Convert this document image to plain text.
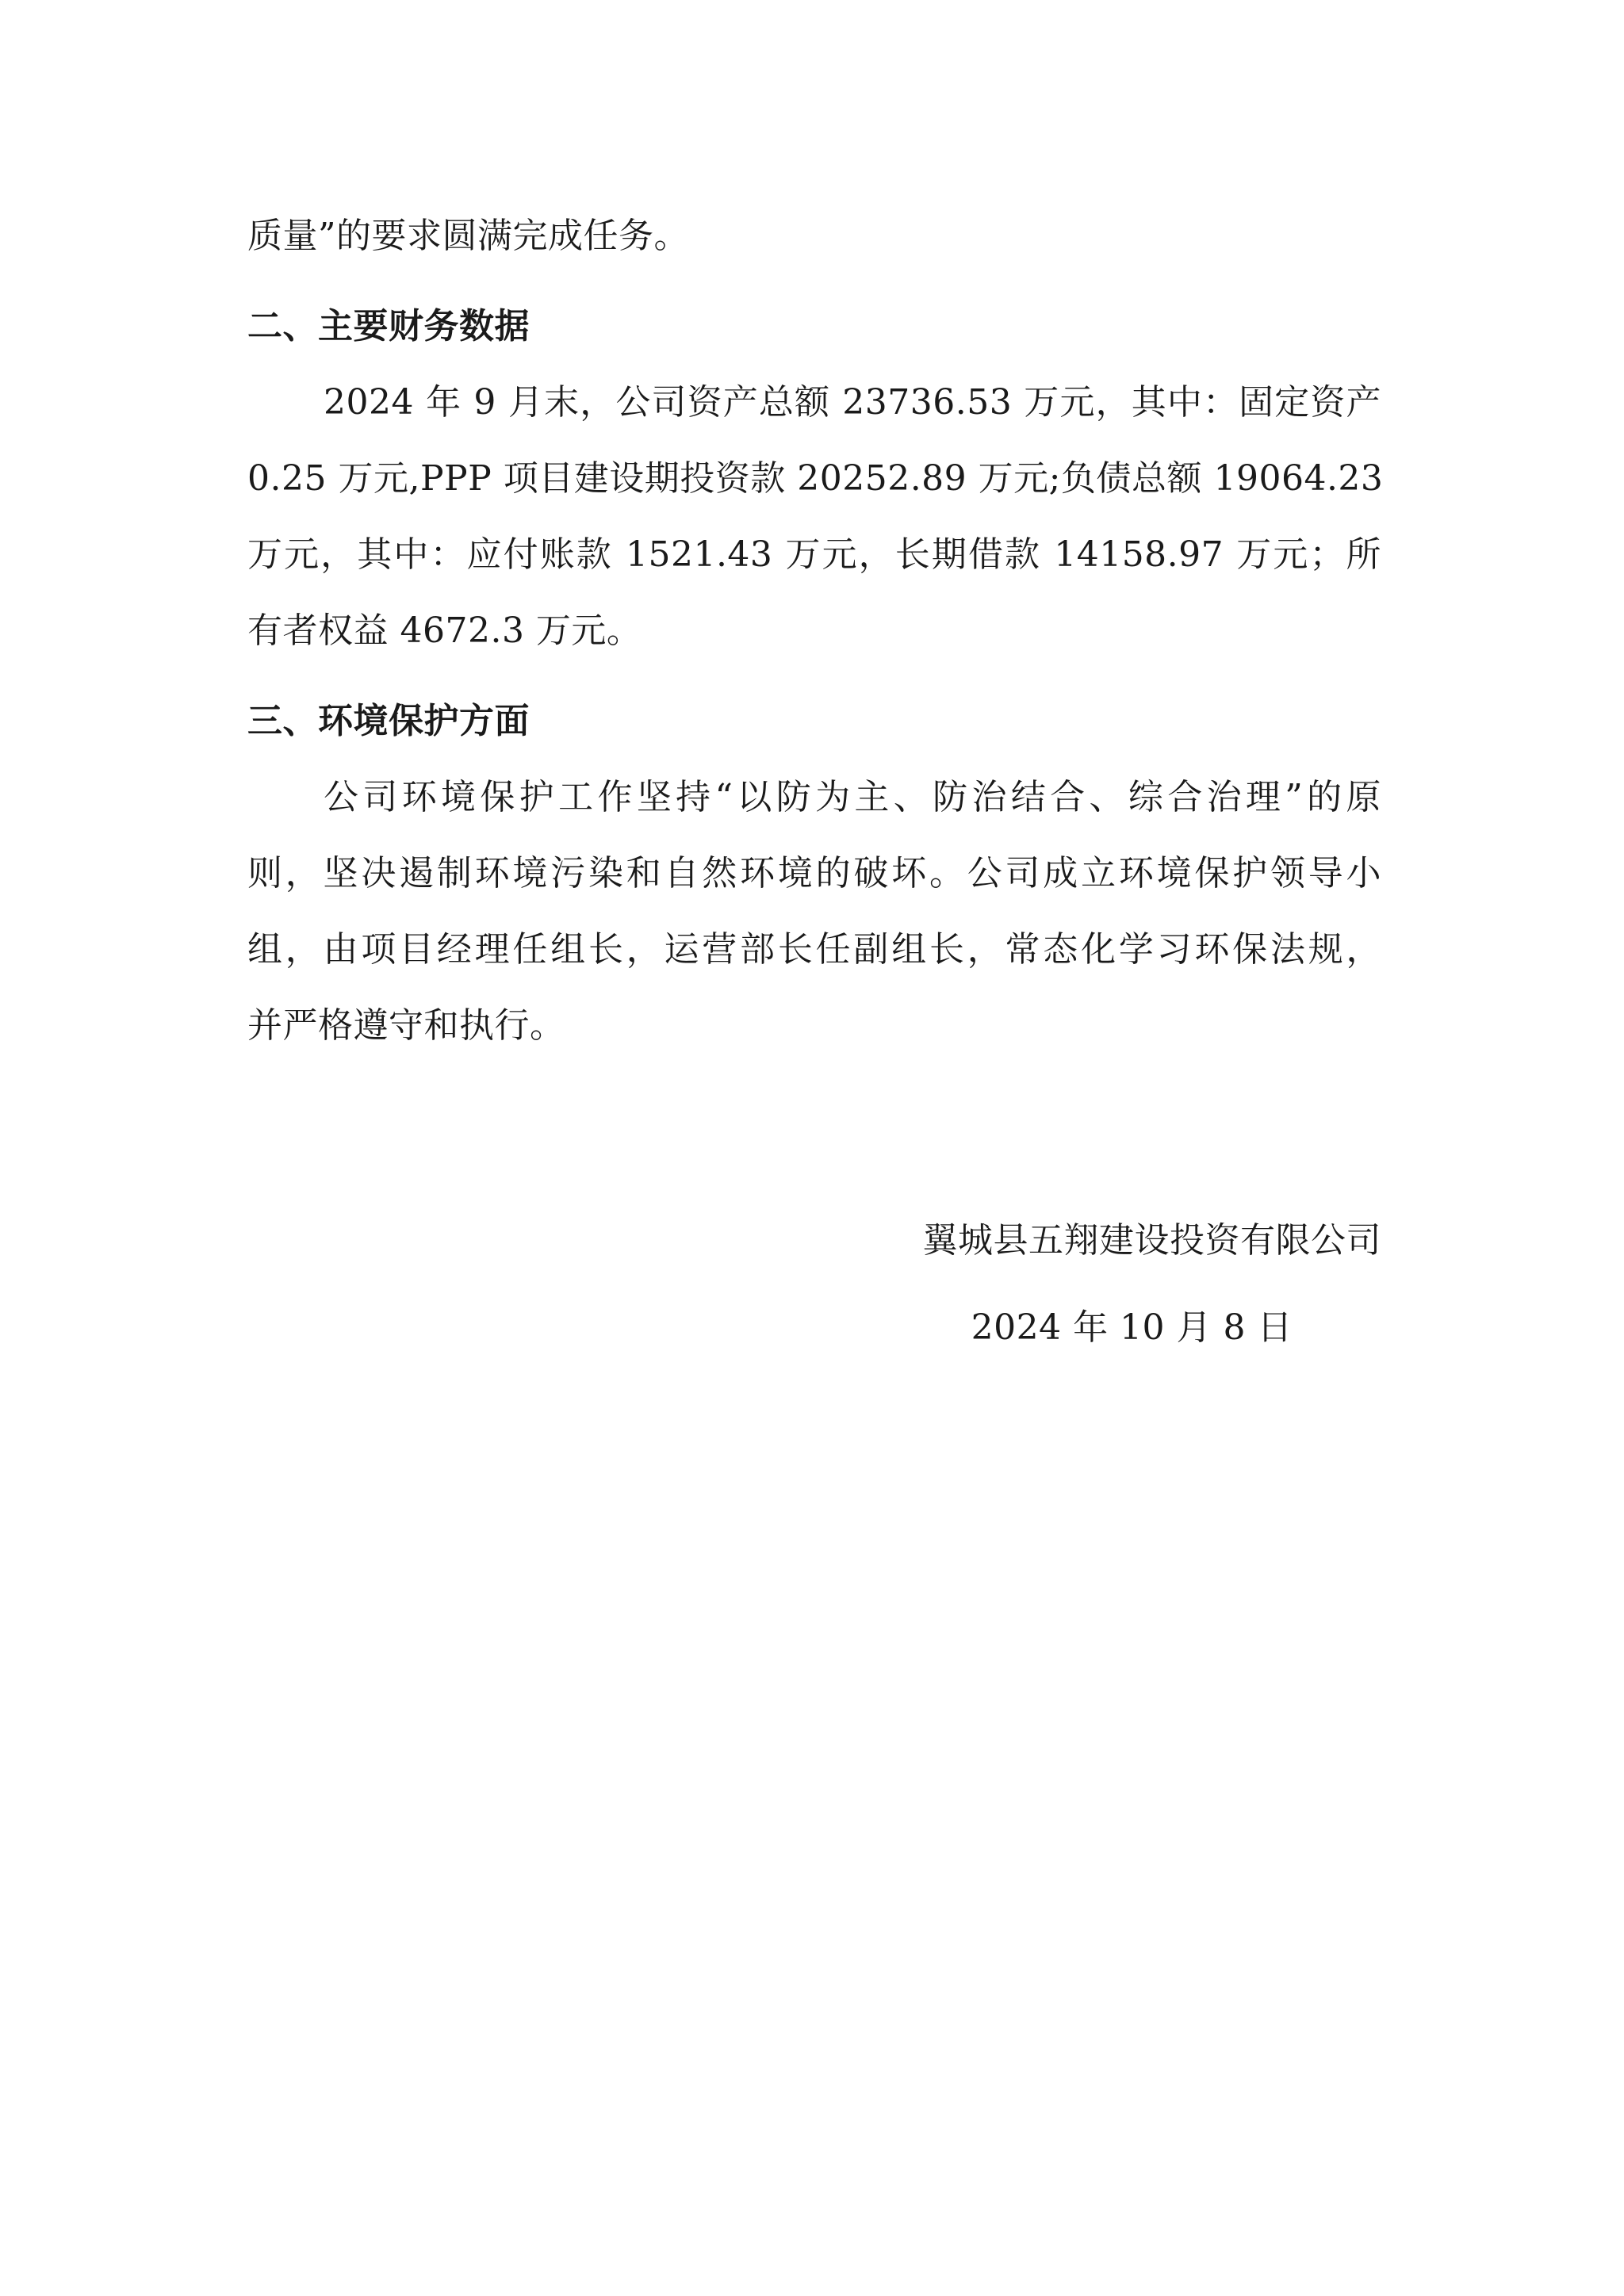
质量”的要求圆满完成任务。
二、主要财务数据
2024 年 9 月末，公司资产总额 23736.53 万元，其中：固定资产
0.25 万元,PPP 项目建设期投资款 20252.89 万元;负债总额 19064.23
万元，其中：应付账款 1521.43 万元，长期借款 14158.97 万元；所
有者权益 4672.3 万元。
三、环境保护方面
公司环境保护工作坚持“以防为主、防治结合、综合治理”的原
则，坚决遏制环境污染和自然环境的破坏。公司成立环境保护领导小
组，由项目经理任组长，运营部长任副组长，常态化学习环保法规，
并严格遵守和执行。
翼城县五翔建设投资有限公司
2024 年 10 月 8 日
